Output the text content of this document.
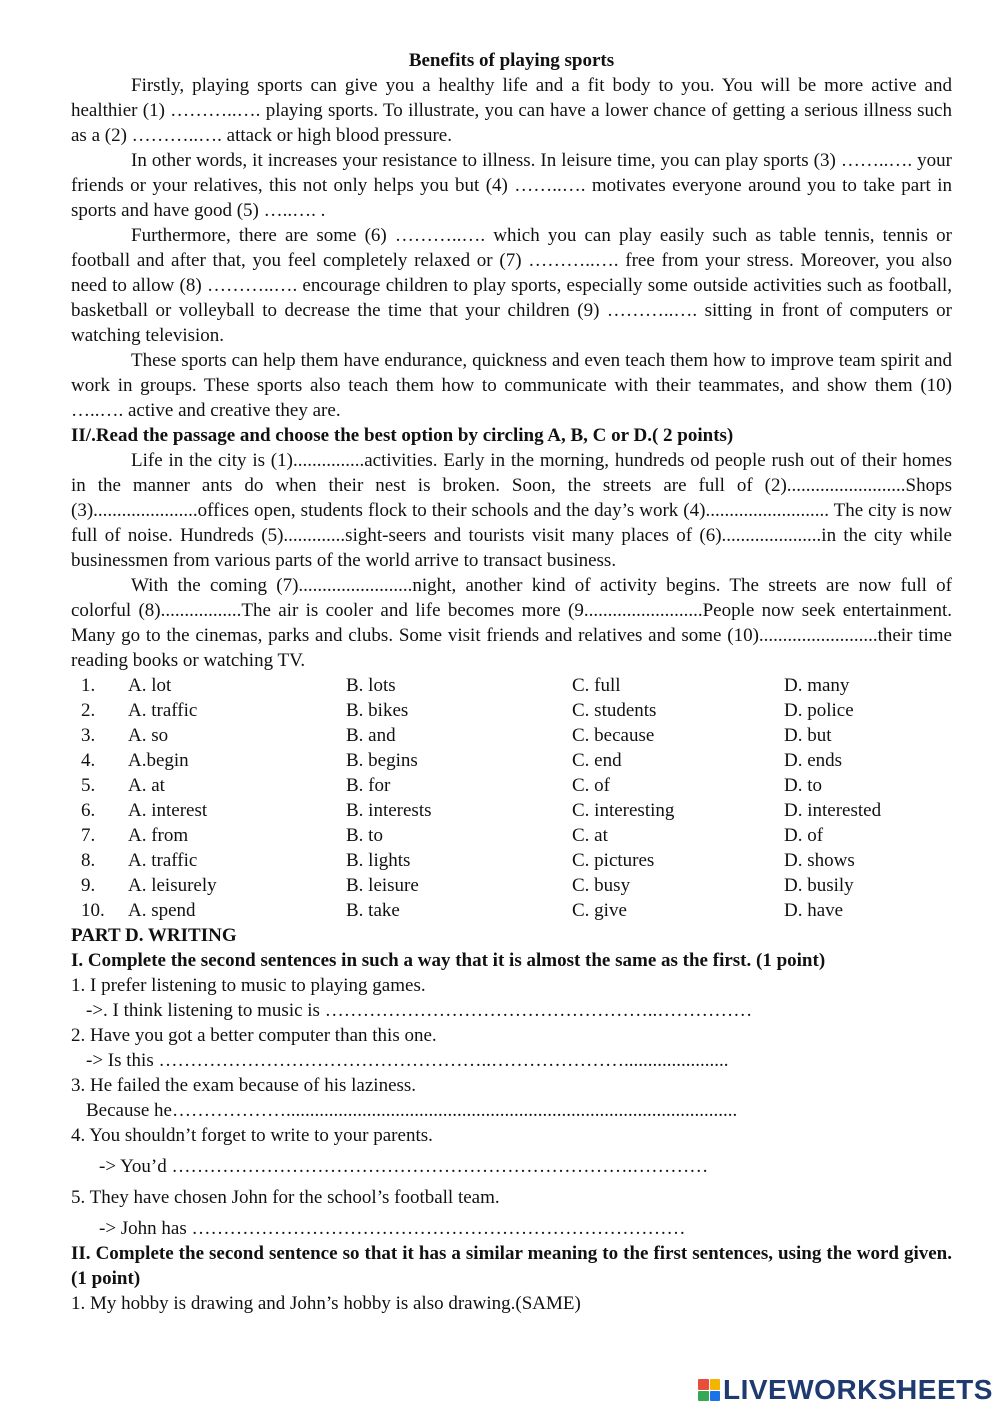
Benefits of playing sports

Firstly, playing sports can give you a healthy life and a fit body to you. You will be more active and healthier (1) ………..…. playing sports. To illustrate, you can have a lower chance of getting a serious illness such as a (2) ………..…. attack or high blood pressure.

In other words, it increases your resistance to illness. In leisure time, you can play sports (3) ……..…. your friends or your relatives, this not only helps you but (4) ……..…. motivates everyone around you to take part in sports and have good (5) …..…. .

Furthermore, there are some (6) ………..…. which you can play easily such as table tennis, tennis or football and after that, you feel completely relaxed or (7) ………..…. free from your stress. Moreover, you also need to allow (8) ………..…. encourage children to play sports, especially some outside activities such as football, basketball or volleyball to decrease the time that your children (9) ………..…. sitting in front of computers or watching television.

These sports can help them have endurance, quickness and even teach them how to improve team spirit and work in groups. These sports also teach them how to communicate with their teammates, and show them (10) …..…. active and creative they are.

II/.Read the passage and choose the best option by circling A, B, C or D.( 2 points)

Life in the city is (1)...............activities. Early in the morning, hundreds od people rush out of their homes in the manner ants do when their nest is broken. Soon, the streets are full of (2).........................Shops (3)......................offices open, students flock to their schools and the day’s work (4).......................... The city is now full of noise. Hundreds (5).............sight-seers and tourists visit many places of (6).....................in the city while businessmen from various parts of the world arrive to transact business.

With the coming (7)........................night, another kind of activity begins. The streets are now full of colorful (8).................The air is cooler and life becomes more (9.........................People now seek entertainment. Many go to the cinemas, parks and clubs. Some visit friends and relatives and some (10).........................their time reading books or watching TV.

1.	A. lot	B. lots	C. full	D. many
2.	A. traffic	B. bikes	C. students	D. police
3.	A. so	B. and	C. because	D. but
4.	A.begin	B. begins	C. end	D. ends
5.	A. at	B. for	C. of	D. to
6.	A. interest	B. interests	C. interesting	D. interested
7.	A. from	B. to	C. at	D. of
8.	A. traffic	B. lights	C. pictures	D. shows
9.	A. leisurely	B. leisure	C. busy	D. busily
10.	A. spend	B. take	C. give	D. have

PART D. WRITING

I. Complete the second sentences in such a way that it is almost the same as the first. (1 point)

1. I prefer listening to music to playing games.

->. I think listening to music is ……………………………………………..……………

2. Have you got a better computer than this one.

-> Is this ……………………………………………..…………………......................

3. He failed the exam because of his laziness.

Because he………………...............................................................................................

4. You shouldn’t forget to write to your parents.

-> You’d ……………………………………………………………….…………

5. They have chosen John for the school’s football team.

-> John has ……………………………………………………………………

II. Complete the second sentence so that it has a similar meaning to the first sentences, using the word given.(1 point)

1. My hobby is drawing and John’s hobby is also drawing.(SAME)

LIVEWORKSHEETS
